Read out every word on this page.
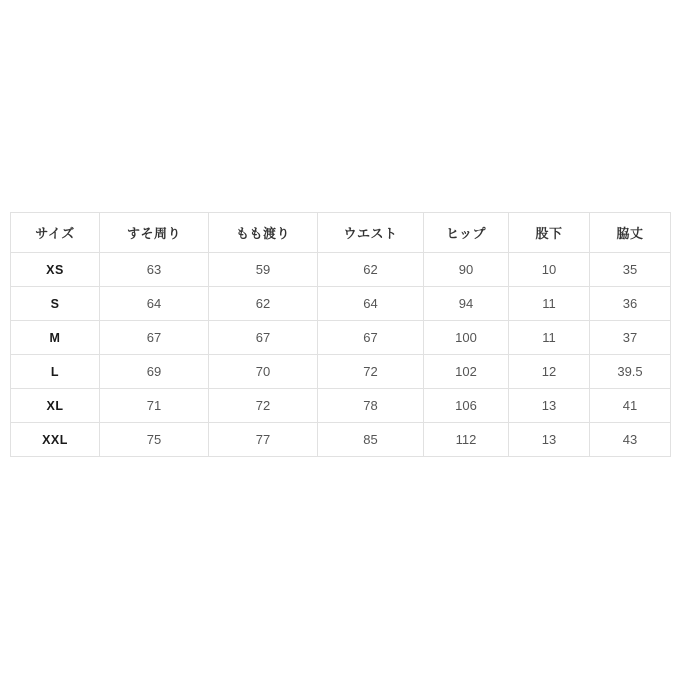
サイズ	すそ周り	もも渡り	ウエスト	ヒップ	股下	脇丈
XS	63	59	62	90	10	35
S	64	62	64	94	11	36
M	67	67	67	100	11	37
L	69	70	72	102	12	39.5
XL	71	72	78	106	13	41
XXL	75	77	85	112	13	43
